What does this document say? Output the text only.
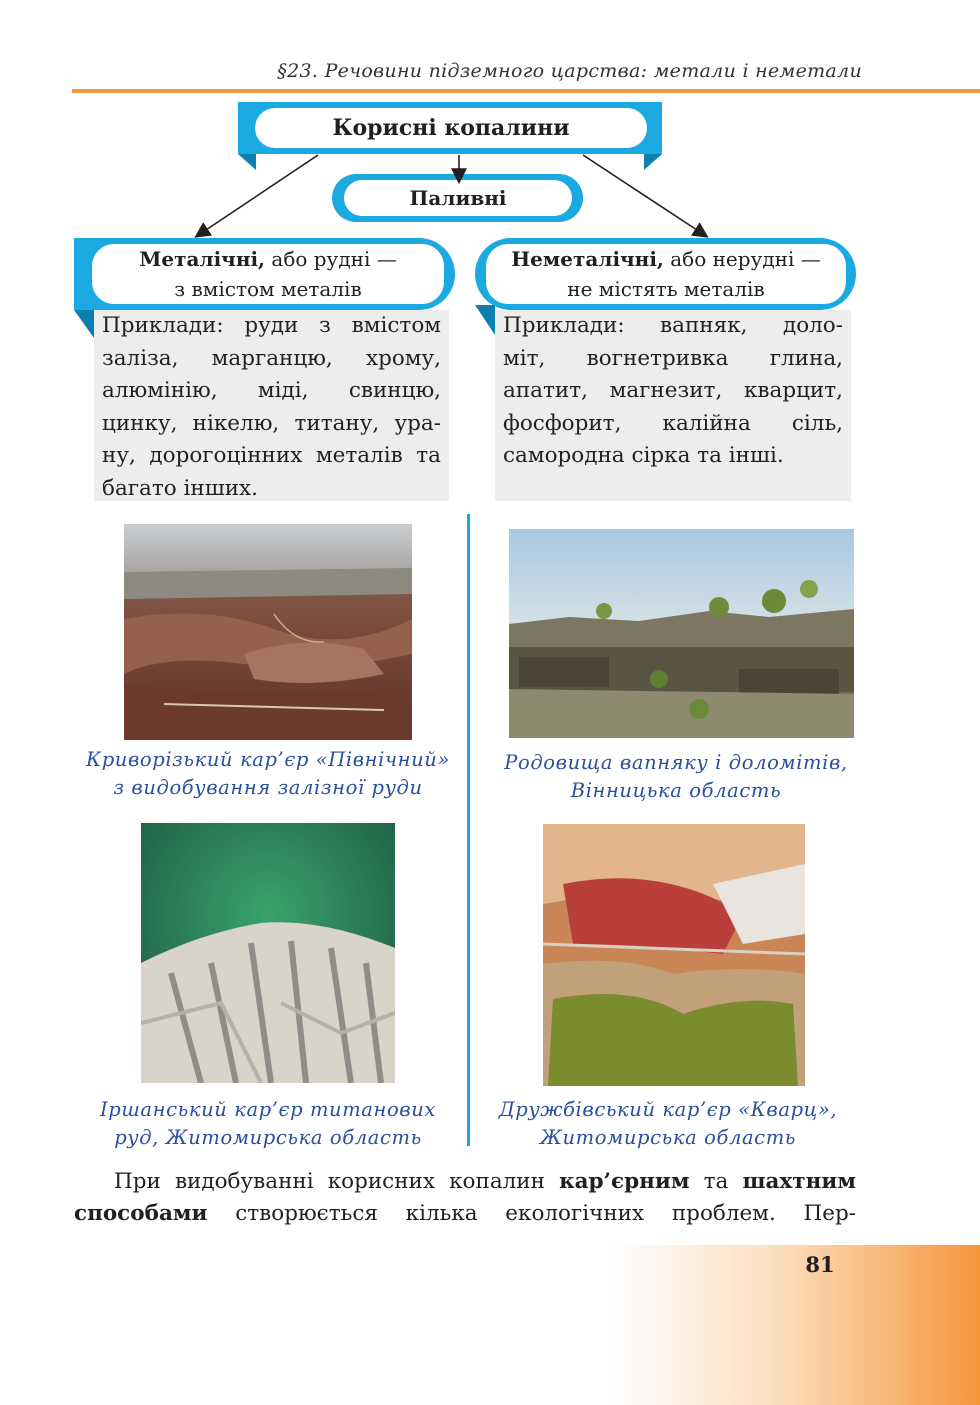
§23. Речовини підземного царства: метали і неметали
Корисні копалини
Паливні
Металічні, або рудні —
з вмістом металів
Приклади: руди з вмістом
заліза, марганцю, хрому,
алюмінію, міді, свинцю,
цинку, нікелю, титану, ура-
ну, дорогоцінних металів та
багато інших.
Неметалічні, або нерудні —
не містять металів
Приклади: вапняк, доло-
міт, вогнетривка глина,
апатит, магнезит, кварцит,
фосфорит, калійна сіль,
самородна сірка та інші.
Криворізький кар’єр «Північний»
з видобування залізної руди
Родовища вапняку і доломітів,
Вінницька область
Іршанський кар’єр титанових
руд, Житомирська область
Дружбівський кар’єр «Кварц»,
Житомирська область
При видобуванні корисних копалин кар’єрним та шахтним
способами створюється кілька екологічних проблем. Пер-
81
